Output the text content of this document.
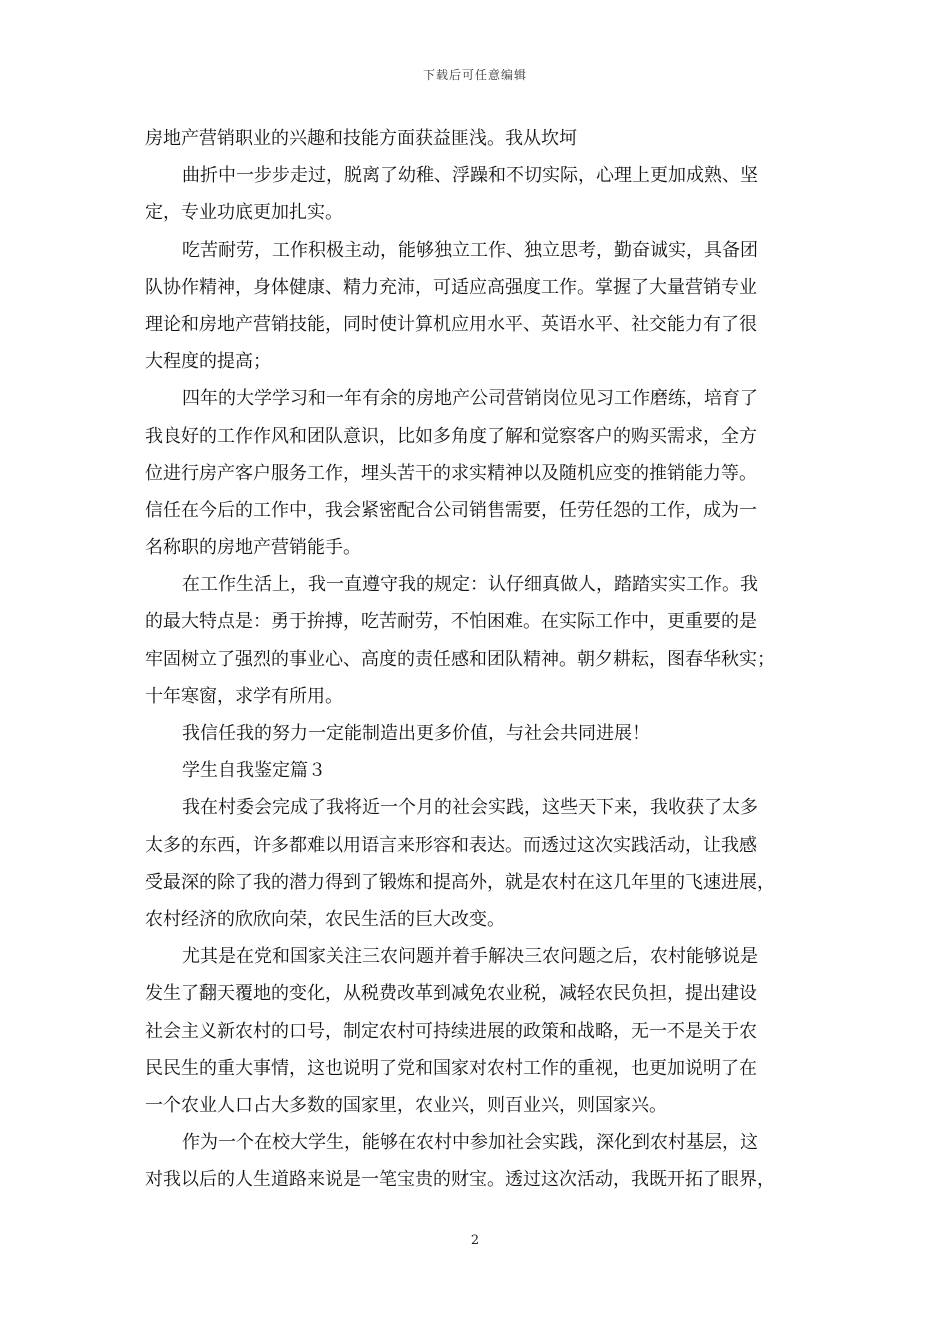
下载后可任意编辑
房地产营销职业的兴趣和技能方面获益匪浅。我从坎坷
曲折中一步步走过，脱离了幼稚、浮躁和不切实际，心理上更加成熟、坚
定，专业功底更加扎实。
吃苦耐劳，工作积极主动，能够独立工作、独立思考，勤奋诚实，具备团
队协作精神，身体健康、精力充沛，可适应高强度工作。掌握了大量营销专业
理论和房地产营销技能，同时使计算机应用水平、英语水平、社交能力有了很
大程度的提高；
四年的大学学习和一年有余的房地产公司营销岗位见习工作磨练，培育了
我良好的工作作风和团队意识，比如多角度了解和觉察客户的购买需求，全方
位进行房产客户服务工作，埋头苦干的求实精神以及随机应变的推销能力等。
信任在今后的工作中，我会紧密配合公司销售需要，任劳任怨的工作，成为一
名称职的房地产营销能手。
在工作生活上，我一直遵守我的规定：认仔细真做人，踏踏实实工作。我
的最大特点是：勇于拚搏，吃苦耐劳，不怕困难。在实际工作中，更重要的是
牢固树立了强烈的事业心、高度的责任感和团队精神。朝夕耕耘，图春华秋实；
十年寒窗，求学有所用。
我信任我的努力一定能制造出更多价值，与社会共同进展！
学生自我鉴定篇３
我在村委会完成了我将近一个月的社会实践，这些天下来，我收获了太多
太多的东西，许多都难以用语言来形容和表达。而透过这次实践活动，让我感
受最深的除了我的潜力得到了锻炼和提高外，就是农村在这几年里的飞速进展，
农村经济的欣欣向荣，农民生活的巨大改变。
尤其是在党和国家关注三农问题并着手解决三农问题之后，农村能够说是
发生了翻天覆地的变化，从税费改革到减免农业税，减轻农民负担，提出建设
社会主义新农村的口号，制定农村可持续进展的政策和战略，无一不是关于农
民民生的重大事情，这也说明了党和国家对农村工作的重视，也更加说明了在
一个农业人口占大多数的国家里，农业兴，则百业兴，则国家兴。
作为一个在校大学生，能够在农村中参加社会实践，深化到农村基层，这
对我以后的人生道路来说是一笔宝贵的财宝。透过这次活动，我既开拓了眼界，
2
